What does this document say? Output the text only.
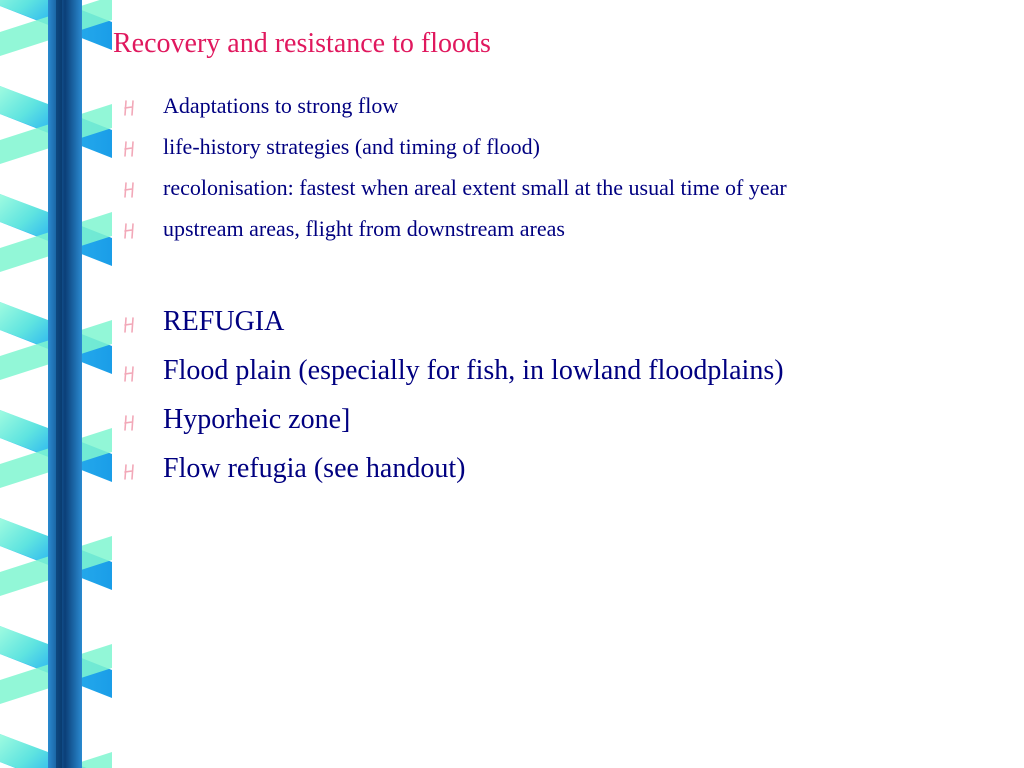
Recovery and resistance to floods
Adaptations to strong flow
life-history strategies (and timing of flood)
recolonisation: fastest when areal extent small at the usual time of year
upstream areas, flight from downstream areas
REFUGIA
Flood plain (especially for fish, in lowland floodplains)
Hyporheic zone]
Flow refugia (see handout)
